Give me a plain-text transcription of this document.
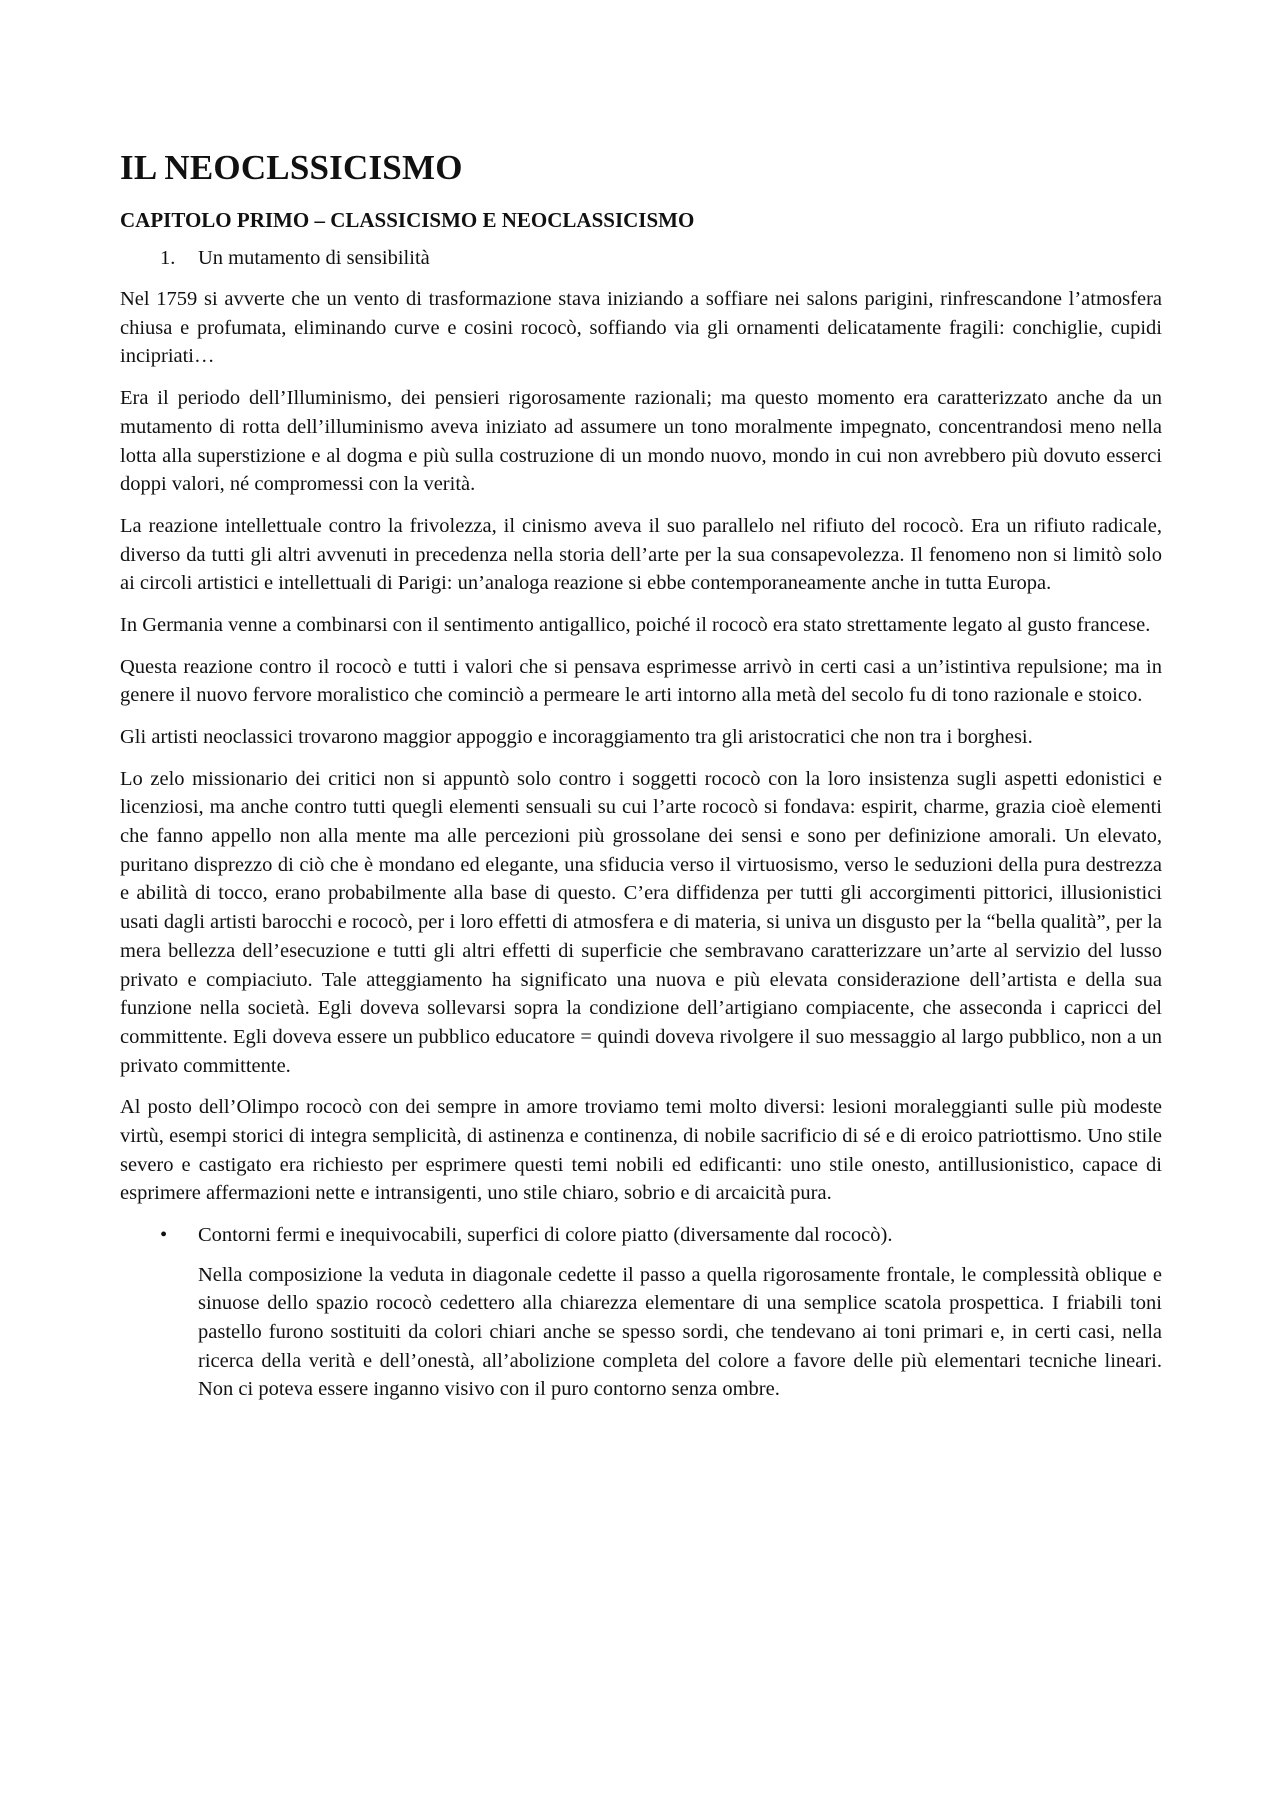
IL NEOCLSSICISMO
CAPITOLO PRIMO – CLASSICISMO E NEOCLASSICISMO
1. Un mutamento di sensibilità

Nel 1759 si avverte che un vento di trasformazione stava iniziando a soffiare nei salons parigini, rinfrescandone l’atmosfera chiusa e profumata, eliminando curve e cosini rococò, soffiando via gli ornamenti delicatamente fragili: conchiglie, cupidi incipriati…

Era il periodo dell’Illuminismo, dei pensieri rigorosamente razionali; ma questo momento era caratterizzato anche da un mutamento di rotta dell’illuminismo aveva iniziato ad assumere un tono moralmente impegnato, concentrandosi meno nella lotta alla superstizione e al dogma e più sulla costruzione di un mondo nuovo, mondo in cui non avrebbero più dovuto esserci doppi valori, né compromessi con la verità.

La reazione intellettuale contro la frivolezza, il cinismo aveva il suo parallelo nel rifiuto del rococò. Era un rifiuto radicale, diverso da tutti gli altri avvenuti in precedenza nella storia dell’arte per la sua consapevolezza. Il fenomeno non si limitò solo ai circoli artistici e intellettuali di Parigi: un’analoga reazione si ebbe contemporaneamente anche in tutta Europa.

In Germania venne a combinarsi con il sentimento antigallico, poiché il rococò era stato strettamente legato al gusto francese.

Questa reazione contro il rococò e tutti i valori che si pensava esprimesse arrivò in certi casi a un’istintiva repulsione; ma in genere il nuovo fervore moralistico che cominciò a permeare le arti intorno alla metà del secolo fu di tono razionale e stoico.

Gli artisti neoclassici trovarono maggior appoggio e incoraggiamento tra gli aristocratici che non tra i borghesi.

Lo zelo missionario dei critici non si appuntò solo contro i soggetti rococò con la loro insistenza sugli aspetti edonistici e licenziosi, ma anche contro tutti quegli elementi sensuali su cui l’arte rococò si fondava: espirit, charme, grazia cioè elementi che fanno appello non alla mente ma alle percezioni più grossolane dei sensi e sono per definizione amorali. Un elevato, puritano disprezzo di ciò che è mondano ed elegante, una sfiducia verso il virtuosismo, verso le seduzioni della pura destrezza e abilità di tocco, erano probabilmente alla base di questo. C’era diffidenza per tutti gli accorgimenti pittorici, illusionistici usati dagli artisti barocchi e rococò, per i loro effetti di atmosfera e di materia, si univa un disgusto per la “bella qualità”, per la mera bellezza dell’esecuzione e tutti gli altri effetti di superficie che sembravano caratterizzare un’arte al servizio del lusso privato e compiaciuto. Tale atteggiamento ha significato una nuova e più elevata considerazione dell’artista e della sua funzione nella società. Egli doveva sollevarsi sopra la condizione dell’artigiano compiacente, che asseconda i capricci del committente. Egli doveva essere un pubblico educatore = quindi doveva rivolgere il suo messaggio al largo pubblico, non a un privato committente.

Al posto dell’Olimpo rococò con dei sempre in amore troviamo temi molto diversi: lesioni moraleggianti sulle più modeste virtù, esempi storici di integra semplicità, di astinenza e continenza, di nobile sacrificio di sé e di eroico patriottismo. Uno stile severo e castigato era richiesto per esprimere questi temi nobili ed edificanti: uno stile onesto, antillusionistico, capace di esprimere affermazioni nette e intransigenti, uno stile chiaro, sobrio e di arcaicità pura.

•	Contorni fermi e inequivocabili, superfici di colore piatto (diversamente dal rococò).

Nella composizione la veduta in diagonale cedette il passo a quella rigorosamente frontale, le complessità oblique e sinuose dello spazio rococò cedettero alla chiarezza elementare di una semplice scatola prospettica. I friabili toni pastello furono sostituiti da colori chiari anche se spesso sordi, che tendevano ai toni primari e, in certi casi, nella ricerca della verità e dell’onestà, all’abolizione completa del colore a favore delle più elementari tecniche lineari. Non ci poteva essere inganno visivo con il puro contorno senza ombre.
